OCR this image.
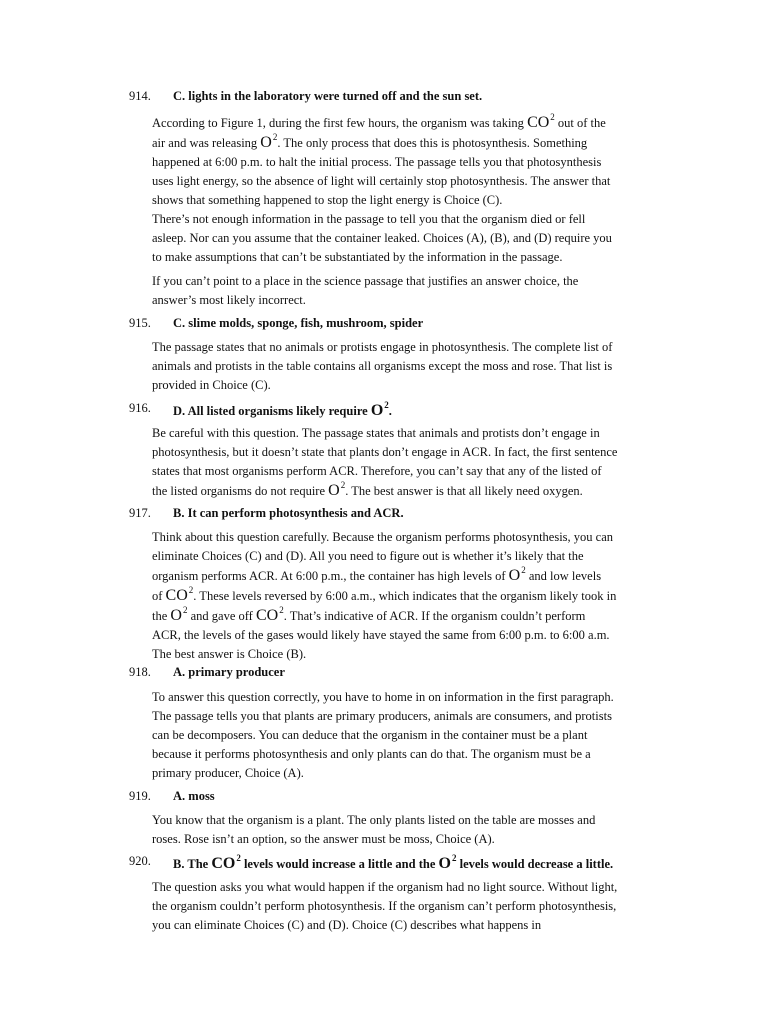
914. C. lights in the laboratory were turned off and the sun set.
According to Figure 1, during the first few hours, the organism was taking $CO^2$ out of the
air and was releasing $O^2$. The only process that does this is photosynthesis. Something
happened at 6:00 p.m. to halt the initial process. The passage tells you that photosynthesis
uses light energy, so the absence of light will certainly stop photosynthesis. The answer that
shows that something happened to stop the light energy is Choice (C).
There’s not enough information in the passage to tell you that the organism died or fell
asleep. Nor can you assume that the container leaked. Choices (A), (B), and (D) require you
to make assumptions that can’t be substantiated by the information in the passage.
If you can’t point to a place in the science passage that justifies an answer choice, the
answer’s most likely incorrect.
915. C. slime molds, sponge, fish, mushroom, spider
The passage states that no animals or protists engage in photosynthesis. The complete list of
animals and protists in the table contains all organisms except the moss and rose. That list is
provided in Choice (C).
916. D. All listed organisms likely require $O^2$.
Be careful with this question. The passage states that animals and protists don’t engage in
photosynthesis, but it doesn’t state that plants don’t engage in ACR. In fact, the first sentence
states that most organisms perform ACR. Therefore, you can’t say that any of the listed of
the listed organisms do not require $O^2$. The best answer is that all likely need oxygen.
917. B. It can perform photosynthesis and ACR.
Think about this question carefully. Because the organism performs photosynthesis, you can
eliminate Choices (C) and (D). All you need to figure out is whether it’s likely that the
organism performs ACR. At 6:00 p.m., the container has high levels of $O^2$ and low levels
of $CO^2$. These levels reversed by 6:00 a.m., which indicates that the organism likely took in
the $O^2$ and gave off $CO^2$. That’s indicative of ACR. If the organism couldn’t perform
ACR, the levels of the gases would likely have stayed the same from 6:00 p.m. to 6:00 a.m.
The best answer is Choice (B).
918. A. primary producer
To answer this question correctly, you have to home in on information in the first paragraph.
The passage tells you that plants are primary producers, animals are consumers, and protists
can be decomposers. You can deduce that the organism in the container must be a plant
because it performs photosynthesis and only plants can do that. The organism must be a
primary producer, Choice (A).
919. A. moss
You know that the organism is a plant. The only plants listed on the table are mosses and
roses. Rose isn’t an option, so the answer must be moss, Choice (A).
920. B. The $CO^2$ levels would increase a little and the $O^2$ levels would decrease a little.
The question asks you what would happen if the organism had no light source. Without light,
the organism couldn’t perform photosynthesis. If the organism can’t perform photosynthesis,
you can eliminate Choices (C) and (D). Choice (C) describes what happens in
